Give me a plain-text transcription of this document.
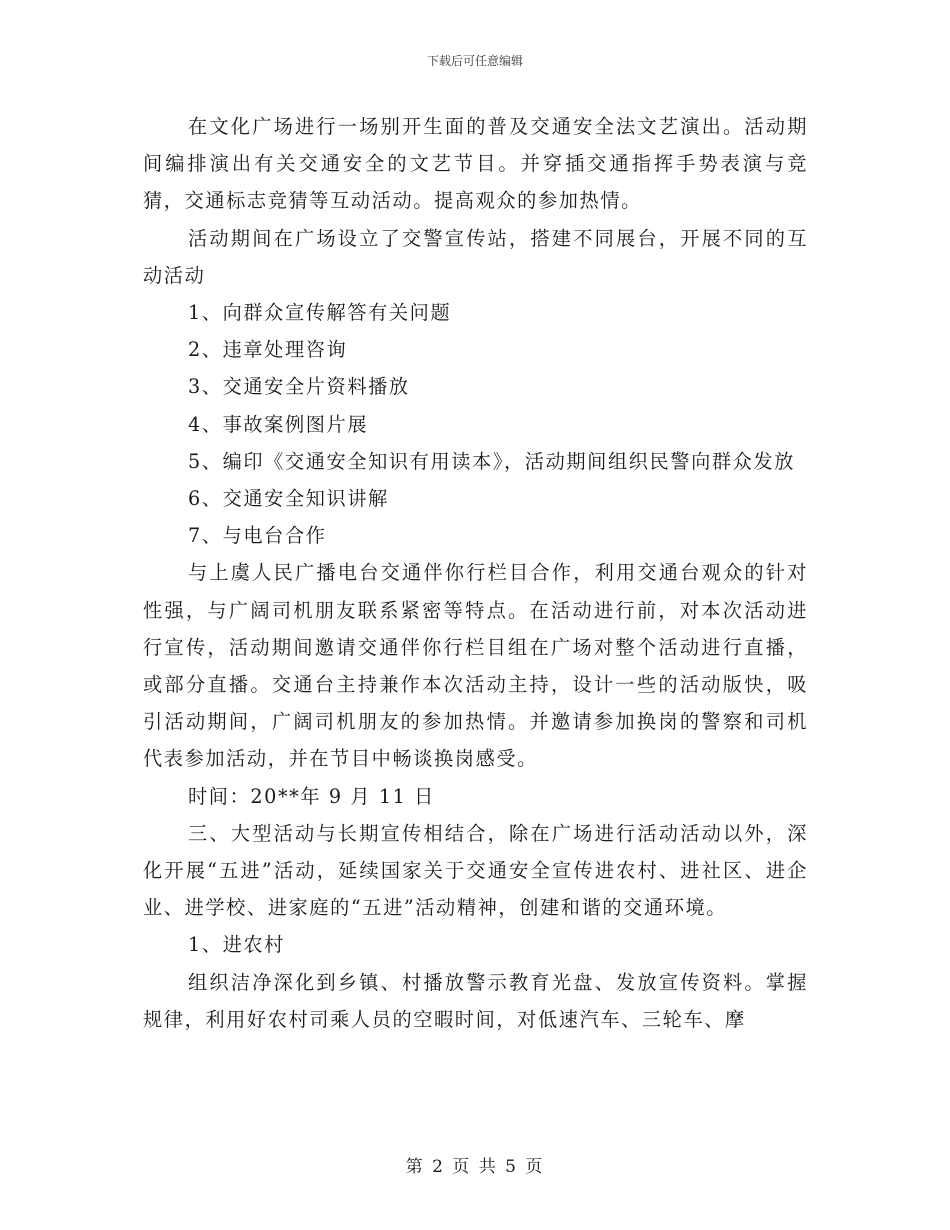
下载后可任意编辑

在文化广场进行一场别开生面的普及交通安全法文艺演出。活动期间编排演出有关交通安全的文艺节目。并穿插交通指挥手势表演与竞猜，交通标志竞猜等互动活动。提高观众的参加热情。

活动期间在广场设立了交警宣传站，搭建不同展台，开展不同的互动活动

1、向群众宣传解答有关问题

2、违章处理咨询

3、交通安全片资料播放

4、事故案例图片展

5、编印《交通安全知识有用读本》，活动期间组织民警向群众发放

6、交通安全知识讲解

7、与电台合作

与上虞人民广播电台交通伴你行栏目合作，利用交通台观众的针对性强，与广阔司机朋友联系紧密等特点。在活动进行前，对本次活动进行宣传，活动期间邀请交通伴你行栏目组在广场对整个活动进行直播，或部分直播。交通台主持兼作本次活动主持，设计一些的活动版快，吸引活动期间，广阔司机朋友的参加热情。并邀请参加换岗的警察和司机代表参加活动，并在节目中畅谈换岗感受。

时间：20**年 9 月 11 日

三、大型活动与长期宣传相结合，除在广场进行活动活动以外，深化开展“五进”活动，延续国家关于交通安全宣传进农村、进社区、进企业、进学校、进家庭的“五进”活动精神，创建和谐的交通环境。

1、进农村

组织洁净深化到乡镇、村播放警示教育光盘、发放宣传资料。掌握规律，利用好农村司乘人员的空暇时间，对低速汽车、三轮车、摩

第 2 页 共 5 页
